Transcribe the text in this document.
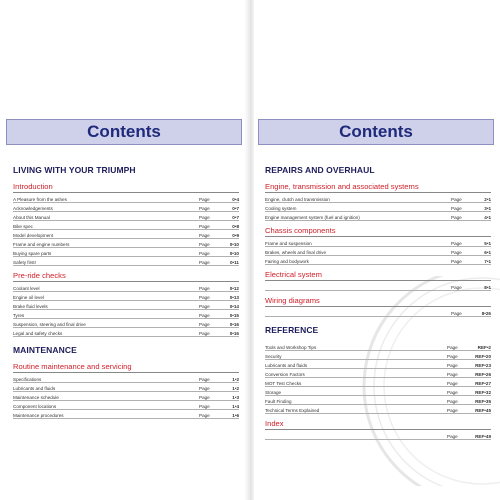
Contents
LIVING WITH YOUR TRIUMPH
Introduction
A Pleasure from the ashes	Page	0•4
Acknowledgements	Page	0•7
About this Manual	Page	0•7
Bike spec	Page	0•8
Model development	Page	0•9
Frame and engine numbers	Page	0•10
Buying spare parts	Page	0•10
Safety first!	Page	0•11
Pre-ride checks
Coolant level	Page	0•12
Engine oil level	Page	0•13
Brake fluid levels	Page	0•14
Tyres	Page	0•15
Suspension, steering and final drive	Page	0•16
Legal and safety checks	Page	0•16
MAINTENANCE
Routine maintenance and servicing
Specifications	Page	1•2
Lubricants and fluids	Page	1•2
Maintenance schedule	Page	1•3
Component locations	Page	1•4
Maintenance procedures	Page	1•6
Contents
REPAIRS AND OVERHAUL
Engine, transmission and associated systems
Engine, clutch and transmission	Page	2•1
Cooling system	Page	3•1
Engine management system (fuel and ignition)	Page	4•1
Chassis components
Frame and suspension	Page	5•1
Brakes, wheels and final drive	Page	6•1
Fairing and bodywork	Page	7•1
Electrical system
Page	8•1
Wiring diagrams
Page	8•26
REFERENCE
Tools and Workshop Tips	Page	REF•2
Security	Page	REF•20
Lubricants and fluids	Page	REF•23
Conversion Factors	Page	REF•26
MOT Test Checks	Page	REF•27
Storage	Page	REF•32
Fault Finding	Page	REF•35
Technical Terms Explained	Page	REF•45
Index
Page	REF•49
